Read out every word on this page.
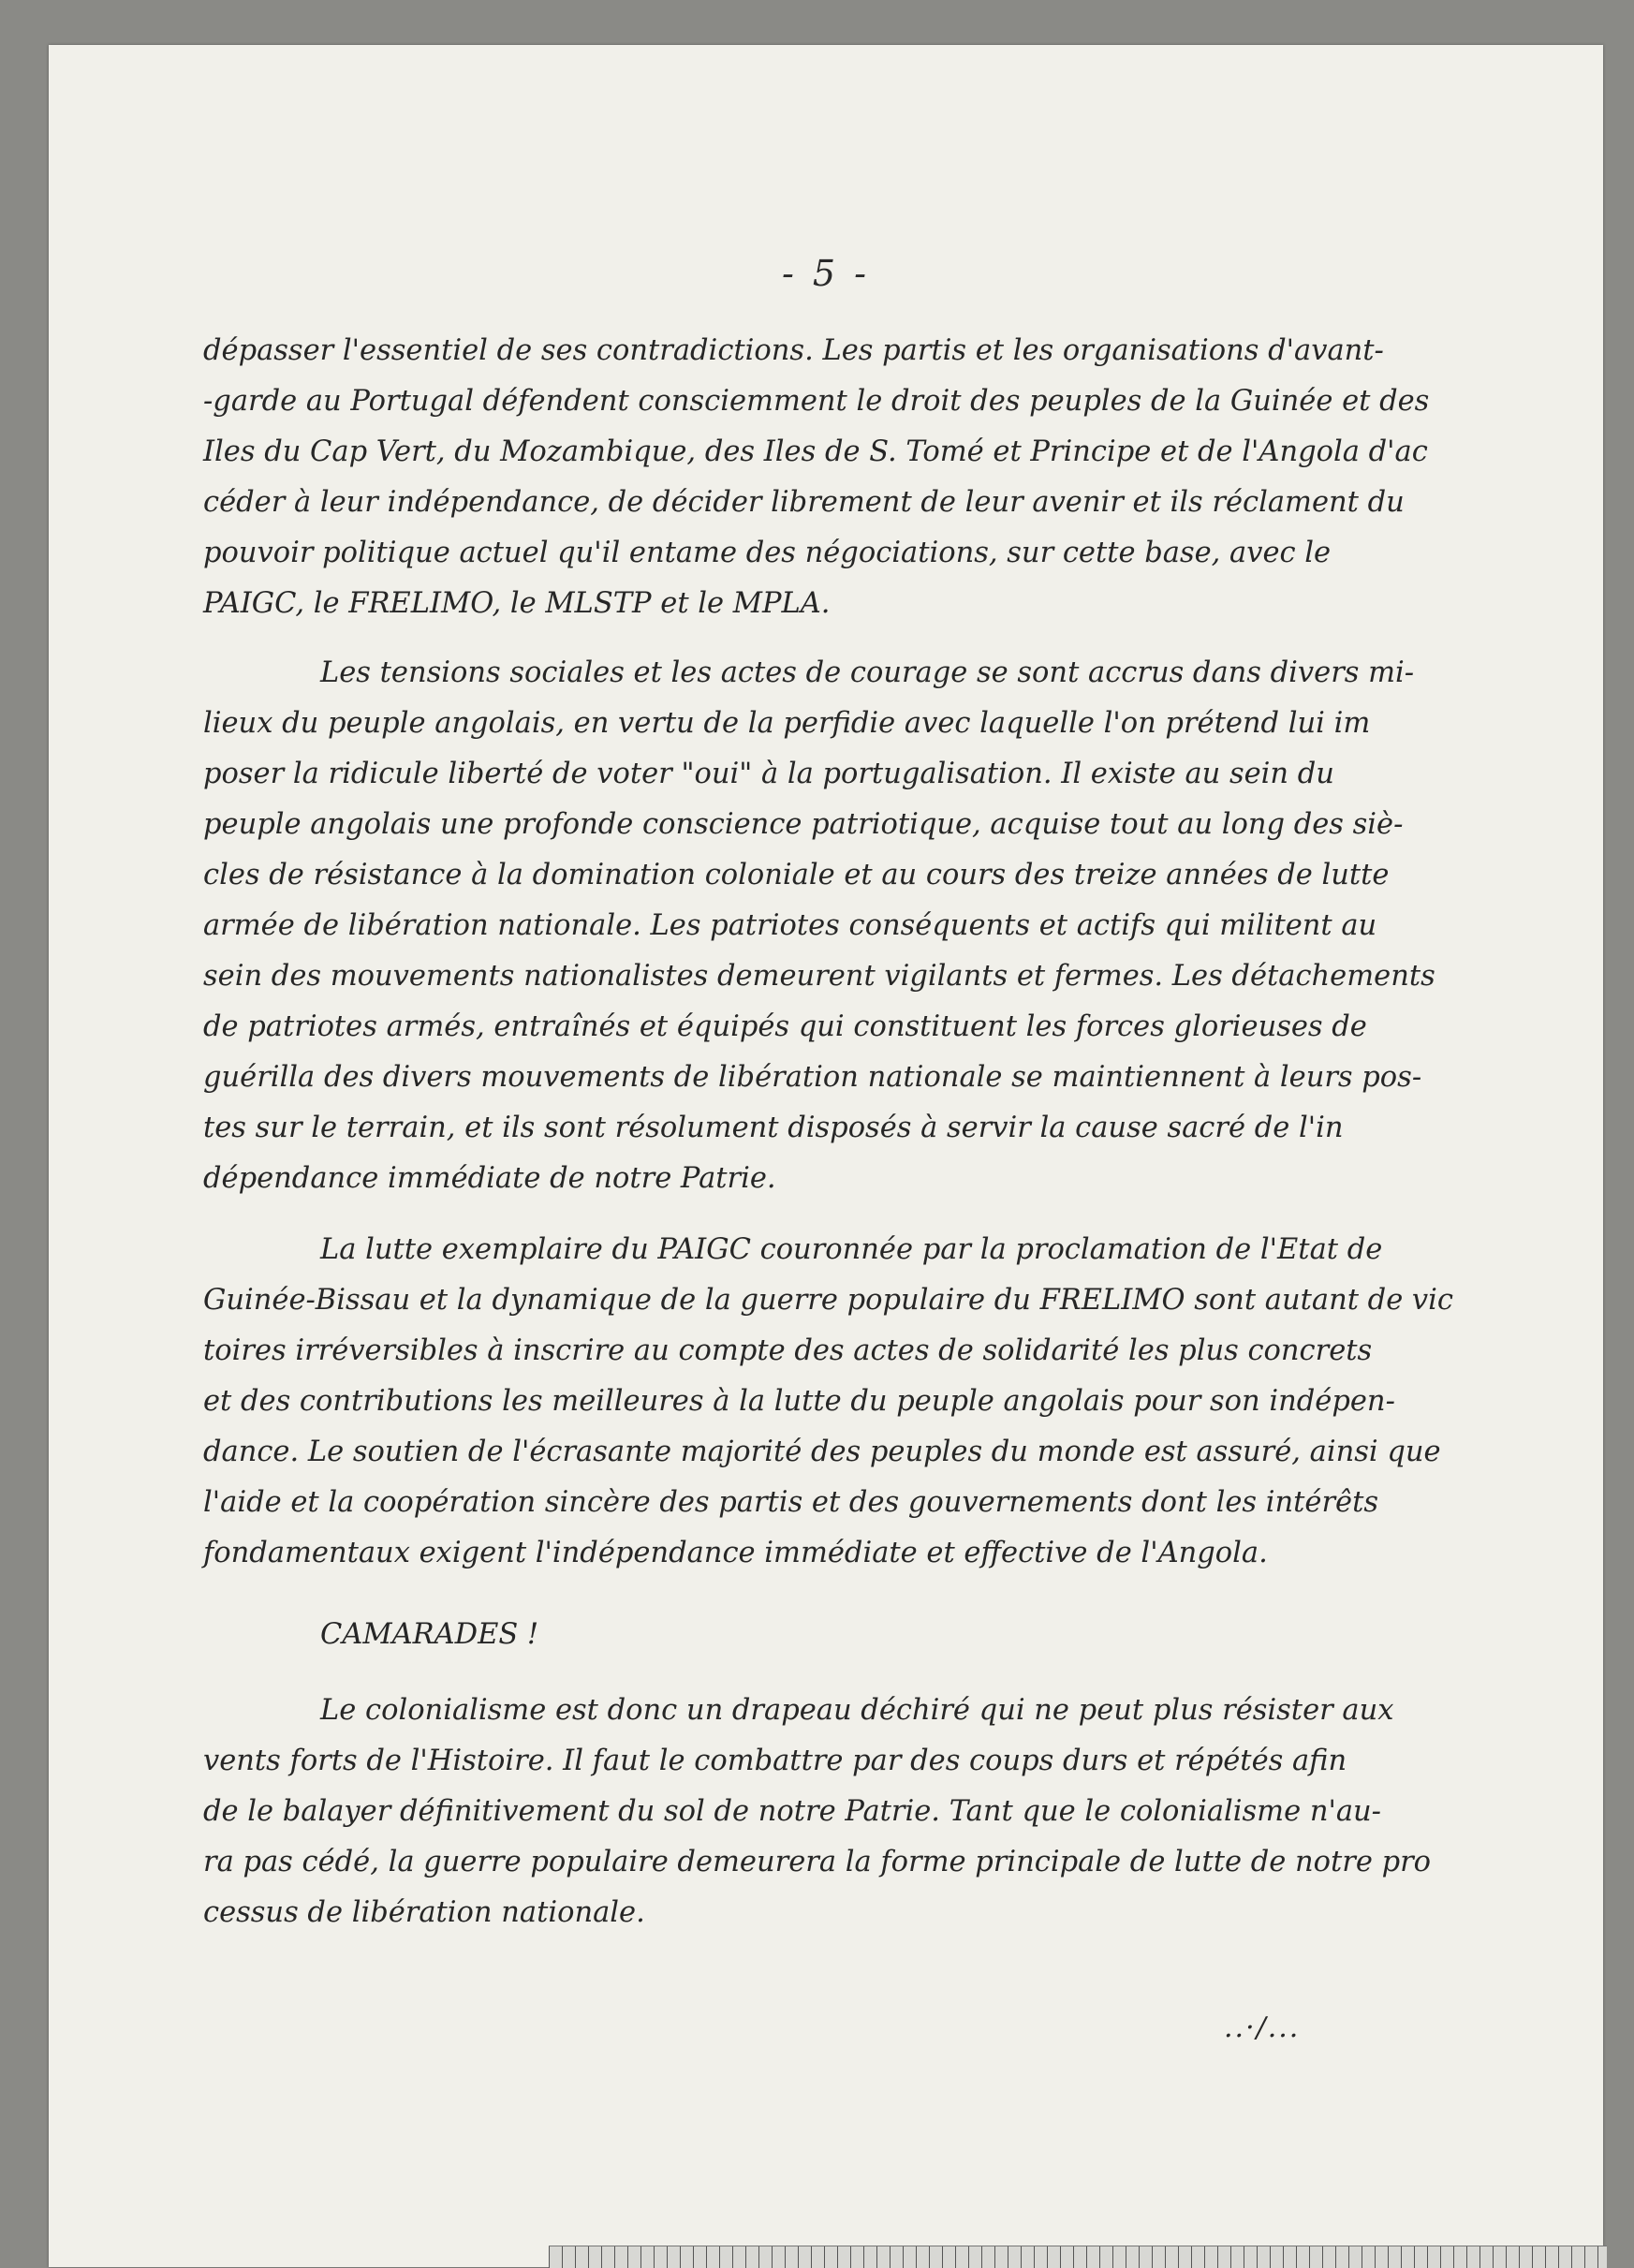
- 5 -

dépasser l'essentiel de ses contradictions. Les partis et les organisations d'avant-
-garde au Portugal défendent consciemment le droit des peuples de la Guinée et des
Iles du Cap Vert, du Mozambique, des Iles de S. Tomé et Principe et de l'Angola d'ac
céder à leur indépendance, de décider librement de leur avenir et ils réclament du
pouvoir politique actuel qu'il entame des négociations, sur cette base, avec le
PAIGC, le FRELIMO, le MLSTP et le MPLA.

Les tensions sociales et les actes de courage se sont accrus dans divers mi-
lieux du peuple angolais, en vertu de la perfidie avec laquelle l'on prétend lui im
poser la ridicule liberté de voter "oui" à la portugalisation. Il existe au sein du
peuple angolais une profonde conscience patriotique, acquise tout au long des siè-
cles de résistance à la domination coloniale et au cours des treize années de lutte
armée de libération nationale. Les patriotes conséquents et actifs qui militent au
sein des mouvements nationalistes demeurent vigilants et fermes. Les détachements
de patriotes armés, entraînés et équipés qui constituent les forces glorieuses de
guérilla des divers mouvements de libération nationale se maintiennent à leurs pos-
tes sur le terrain, et ils sont résolument disposés à servir la cause sacré de l'in
dépendance immédiate de notre Patrie.

La lutte exemplaire du PAIGC couronnée par la proclamation de l'Etat de
Guinée-Bissau et la dynamique de la guerre populaire du FRELIMO sont autant de vic
toires irréversibles à inscrire au compte des actes de solidarité les plus concrets
et des contributions les meilleures à la lutte du peuple angolais pour son indépen-
dance. Le soutien de l'écrasante majorité des peuples du monde est assuré, ainsi que
l'aide et la coopération sincère des partis et des gouvernements dont les intérêts
fondamentaux exigent l'indépendance immédiate et effective de l'Angola.

CAMARADES !

Le colonialisme est donc un drapeau déchiré qui ne peut plus résister aux
vents forts de l'Histoire. Il faut le combattre par des coups durs et répétés afin
de le balayer définitivement du sol de notre Patrie. Tant que le colonialisme n'au-
ra pas cédé, la guerre populaire demeurera la forme principale de lutte de notre pro
cessus de libération nationale.

..·/...
